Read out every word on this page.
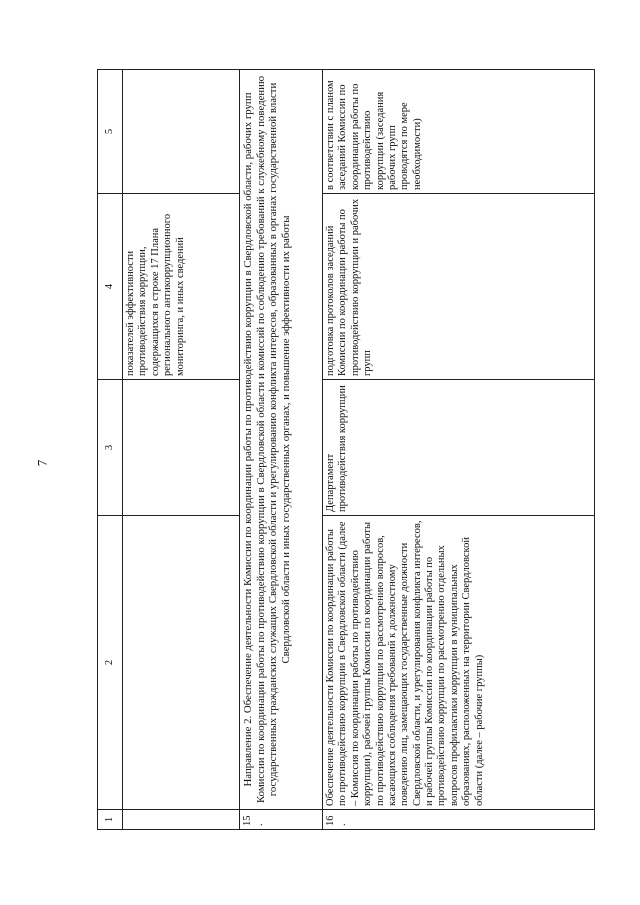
7
1	2	3	4	5
			показателей эффективности противодействия коррупции, содержащихся в строке 17 Плана регионального антикоррупционного мониторинга, и иных сведений	
15.	Направление 2. Обеспечение деятельности Комиссии по координации работы по противодействию коррупции в Свердловской области, рабочих групп Комиссии по координации работы по противодействию коррупции в Свердловской области и комиссий по соблюдению требований к служебному поведению государственных гражданских служащих Свердловской области и урегулированию конфликта интересов, образованных в органах государственной власти Свердловской области и иных государственных органах, и повышение эффективности их работы			
16.	Обеспечение деятельности Комиссии по координации работы по противодействию коррупции в Свердловской области (далее – Комиссия по координации работы по противодействию коррупции), рабочей группы Комиссии по координации работы по противодействию коррупции по рассмотрению вопросов, касающихся соблюдения требований к должностному поведению лиц, замещающих государственные должности Свердловской области, и урегулирования конфликта интересов, и рабочей группы Комиссии по координации работы по противодействию коррупции по рассмотрению отдельных вопросов профилактики коррупции в муниципальных образованиях, расположенных на территории Свердловской области (далее – рабочие группы)	Департамент противодействия коррупции	подготовка протоколов заседаний Комиссии по координации работы по противодействию коррупции и рабочих групп	в соответствии с планом заседаний Комиссии по координации работы по противодействию коррупции (заседания рабочих групп проводятся по мере необходимости)
